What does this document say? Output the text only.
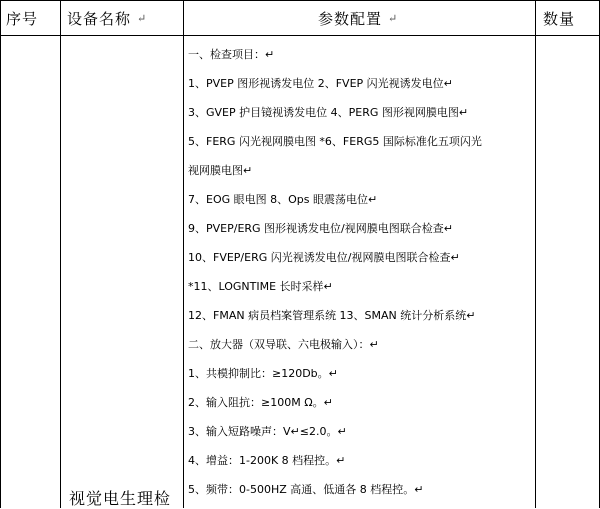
序号 设备名称 ↵	参数配置 ↵	数量
一、检查项目：↵
1、PVEP 图形视诱发电位 2、FVEP 闪光视诱发电位↵
3、GVEP 护目镜视诱发电位 4、PERG 图形视网膜电图↵
5、FERG 闪光视网膜电图 *6、FERG5 国际标准化五项闪光
视网膜电图↵
7、EOG 眼电图 8、Ops 眼震荡电位↵
9、PVEP/ERG 图形视诱发电位/视网膜电图联合检查↵
10、FVEP/ERG 闪光视诱发电位/视网膜电图联合检查↵
*11、LOGNTIME 长时采样↵
12、FMAN 病员档案管理系统 13、SMAN 统计分析系统↵
二、放大器（双导联、六电极输入）：↵
1、共模抑制比：≥120Db。↵
2、输入阻抗：≥100M Ω。↵
3、输入短路噪声：V↵≤2.0。↵
4、增益：1-200K 8 档程控。↵
5、频带：0-500HZ 高通、低通各 8 档程控。↵
视觉电生理检
